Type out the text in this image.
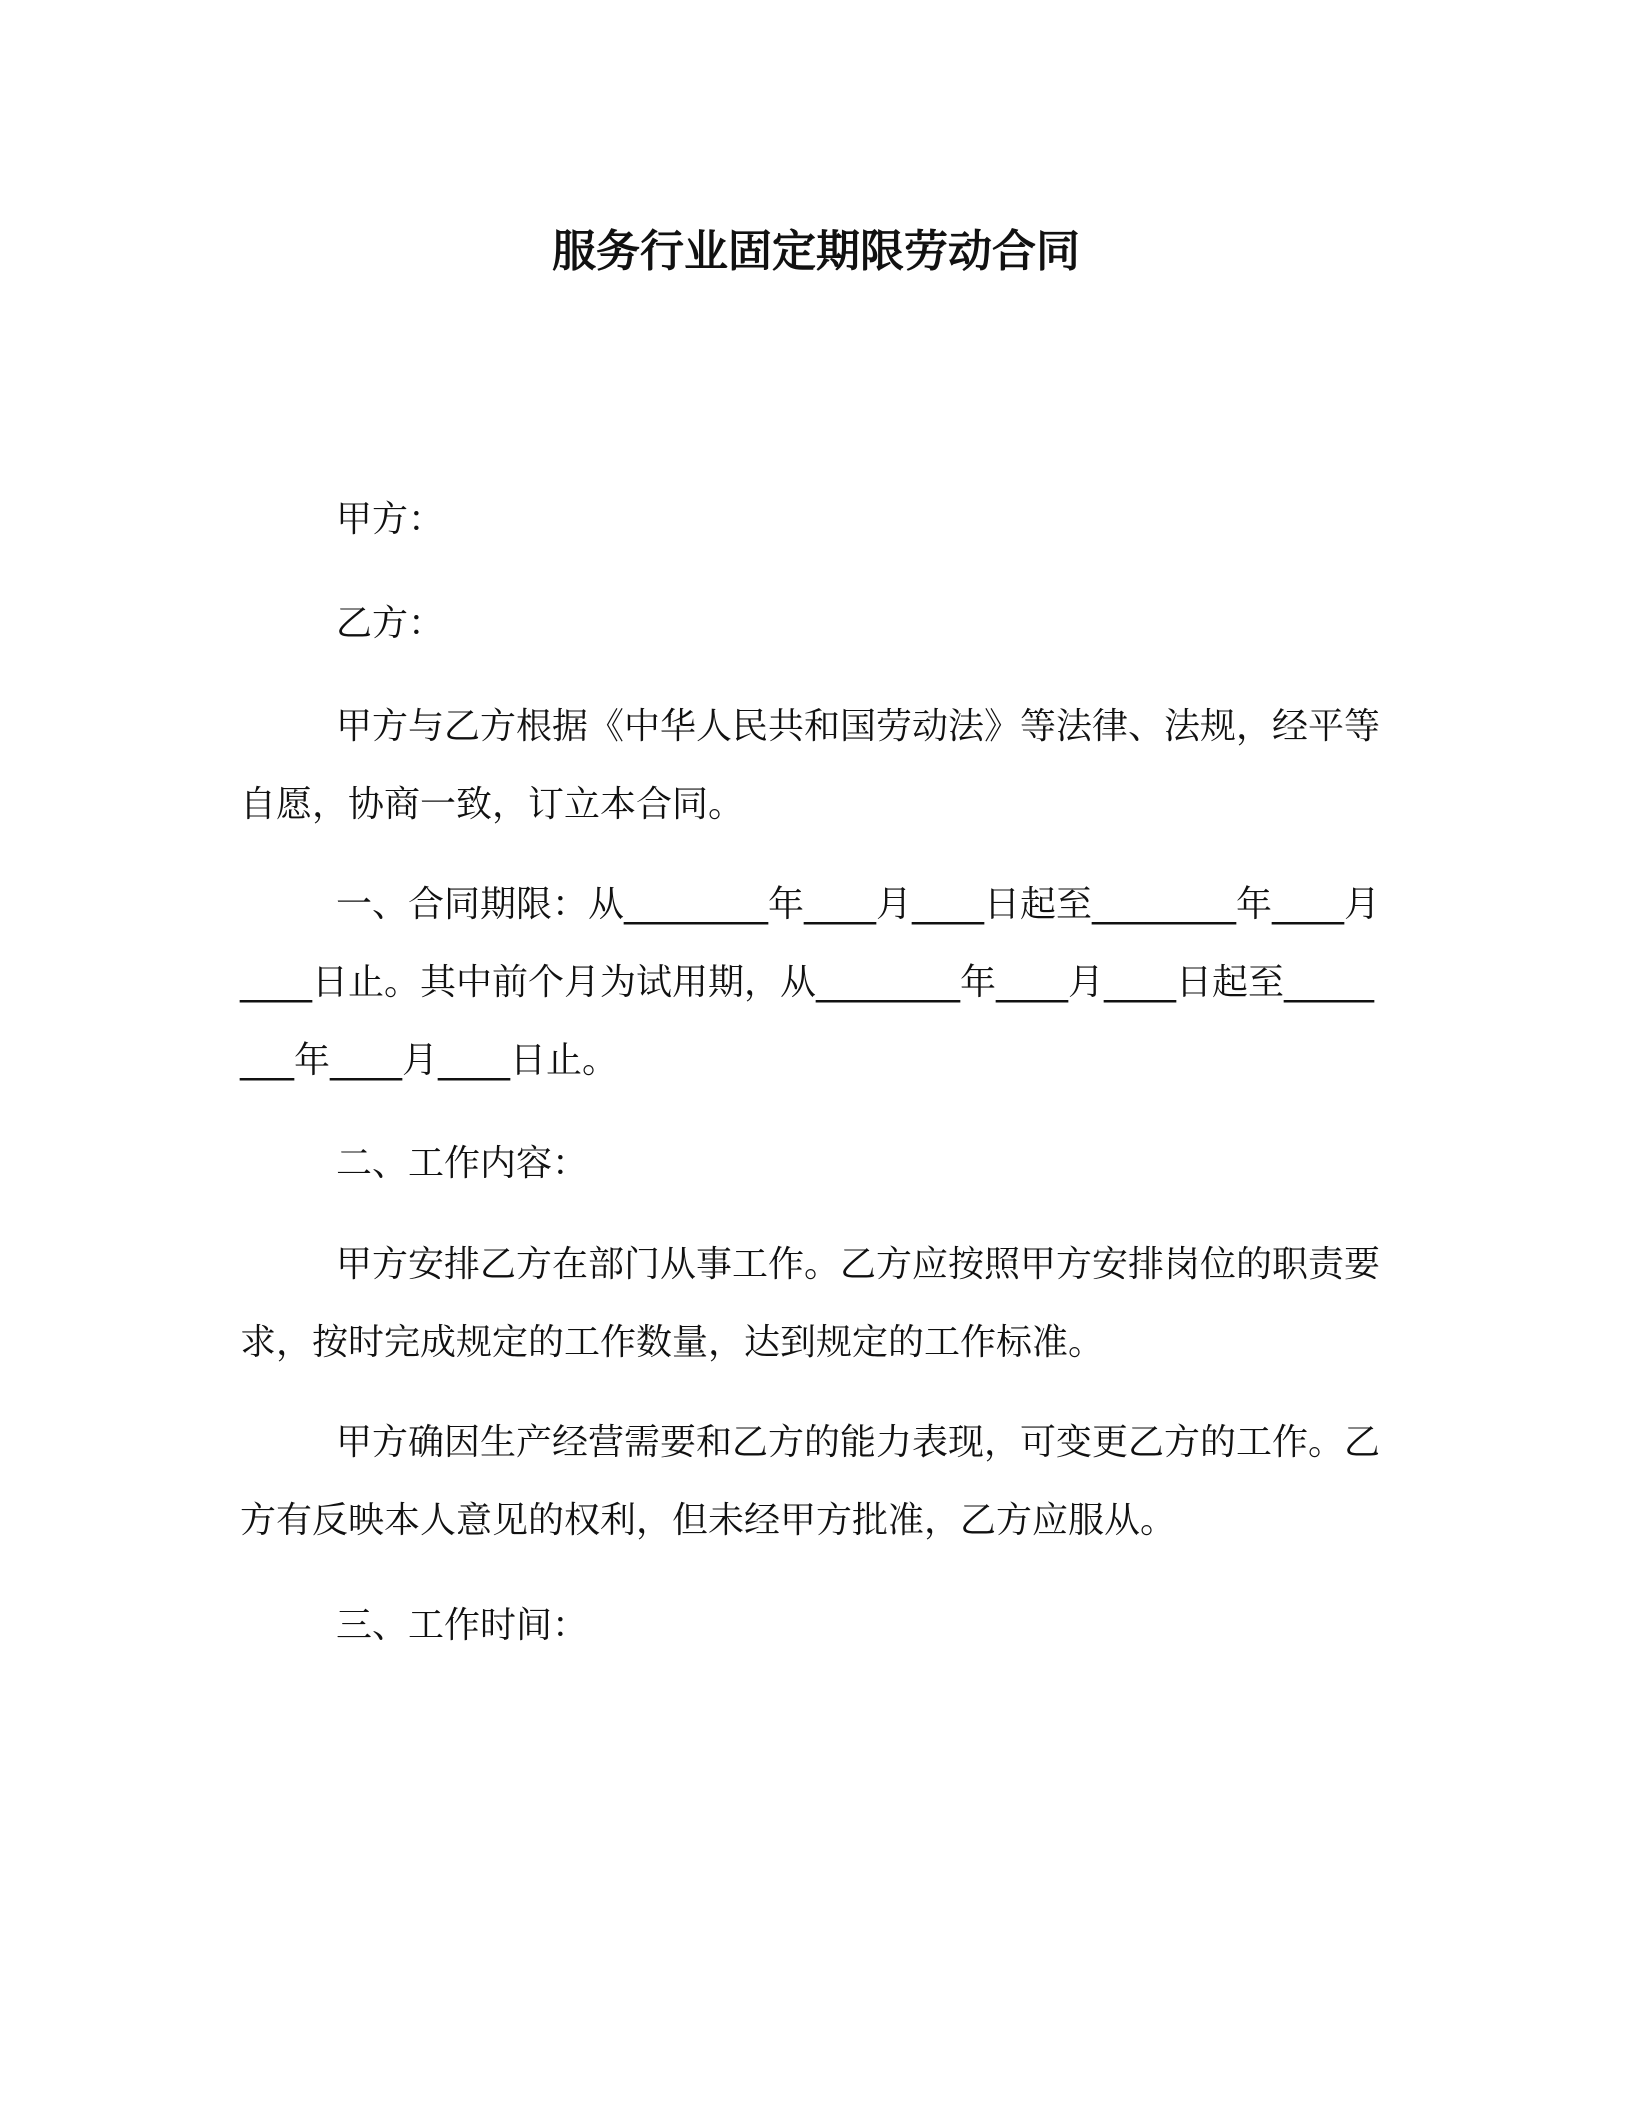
服务行业固定期限劳动合同
甲方：
乙方：
甲方与乙方根据《中华人民共和国劳动法》等法律、法规，经平等自愿，协商一致，订立本合同。
一、合同期限：从________年____月____日起至________年____月____日止。其中前个月为试用期，从________年____月____日起至________年____月____日止。
二、工作内容：
甲方安排乙方在部门从事工作。乙方应按照甲方安排岗位的职责要求，按时完成规定的工作数量，达到规定的工作标准。
甲方确因生产经营需要和乙方的能力表现，可变更乙方的工作。乙方有反映本人意见的权利，但未经甲方批准，乙方应服从。
三、工作时间：
